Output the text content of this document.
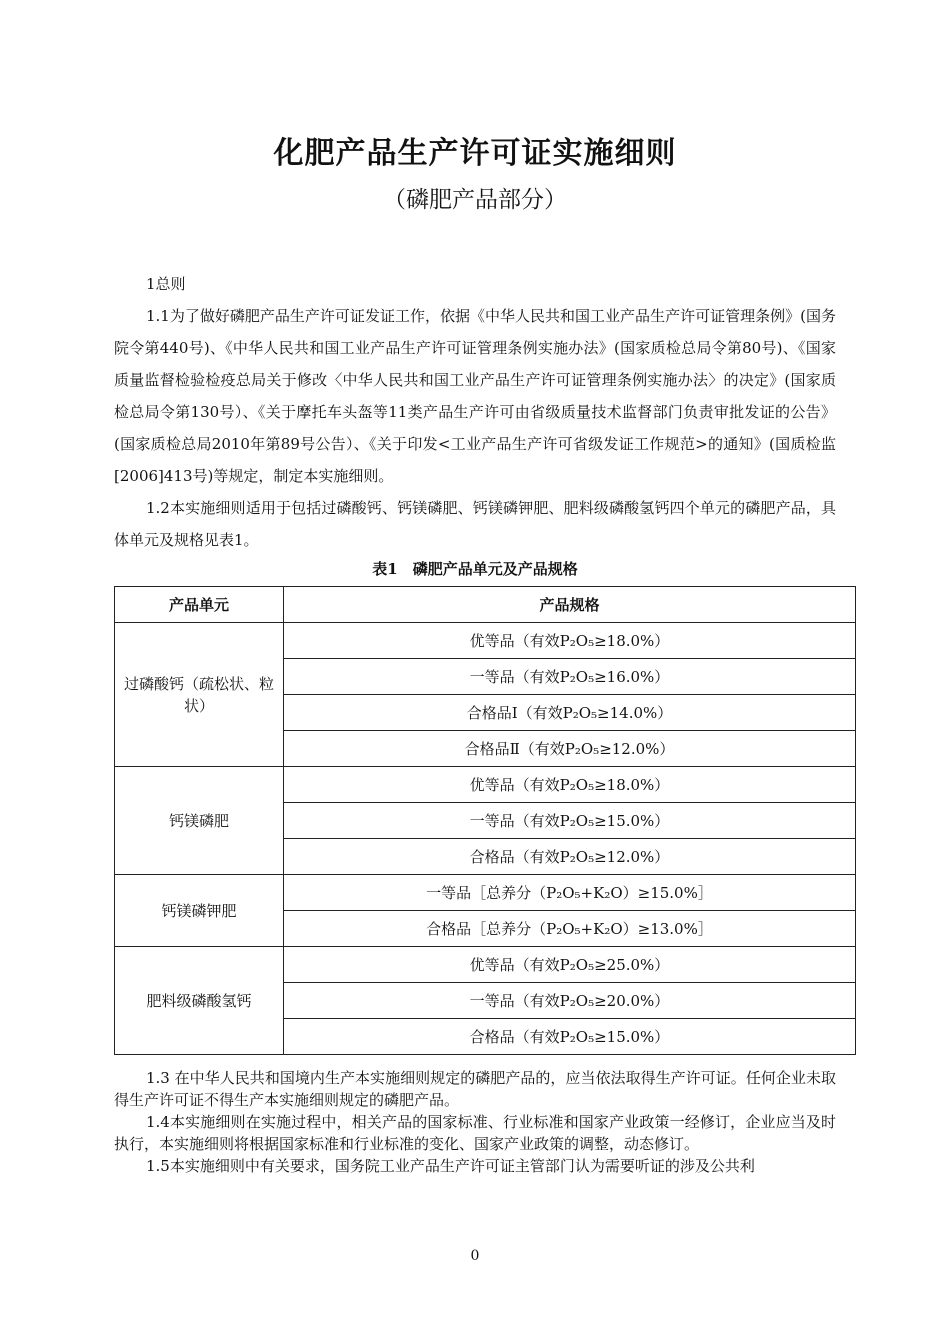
化肥产品生产许可证实施细则
（磷肥产品部分）

1总则

1.1为了做好磷肥产品生产许可证发证工作，依据《中华人民共和国工业产品生产许可证管理条例》(国务院令第440号)、《中华人民共和国工业产品生产许可证管理条例实施办法》(国家质检总局令第80号)、《国家质量监督检验检疫总局关于修改〈中华人民共和国工业产品生产许可证管理条例实施办法〉的决定》(国家质检总局令第130号）、《关于摩托车头盔等11类产品生产许可由省级质量技术监督部门负责审批发证的公告》(国家质检总局2010年第89号公告）、《关于印发<工业产品生产许可省级发证工作规范>的通知》(国质检监[2006]413号)等规定，制定本实施细则。

1.2本实施细则适用于包括过磷酸钙、钙镁磷肥、钙镁磷钾肥、肥料级磷酸氢钙四个单元的磷肥产品，具体单元及规格见表1。

表1　磷肥产品单元及产品规格

产品单元	产品规格
过磷酸钙（疏松状、粒状）	优等品（有效P₂O₅≥18.0%）
	一等品（有效P₂O₅≥16.0%）
	合格品Ⅰ（有效P₂O₅≥14.0%）
	合格品Ⅱ（有效P₂O₅≥12.0%）
钙镁磷肥	优等品（有效P₂O₅≥18.0%）
	一等品（有效P₂O₅≥15.0%）
	合格品（有效P₂O₅≥12.0%）
钙镁磷钾肥	一等品［总养分（P₂O₅+K₂O）≥15.0%］
	合格品［总养分（P₂O₅+K₂O）≥13.0%］
肥料级磷酸氢钙	优等品（有效P₂O₅≥25.0%）
	一等品（有效P₂O₅≥20.0%）
	合格品（有效P₂O₅≥15.0%）

1.3 在中华人民共和国境内生产本实施细则规定的磷肥产品的，应当依法取得生产许可证。任何企业未取得生产许可证不得生产本实施细则规定的磷肥产品。

1.4本实施细则在实施过程中，相关产品的国家标准、行业标准和国家产业政策一经修订，企业应当及时执行，本实施细则将根据国家标准和行业标准的变化、国家产业政策的调整，动态修订。

1.5本实施细则中有关要求，国务院工业产品生产许可证主管部门认为需要听证的涉及公共利

0
